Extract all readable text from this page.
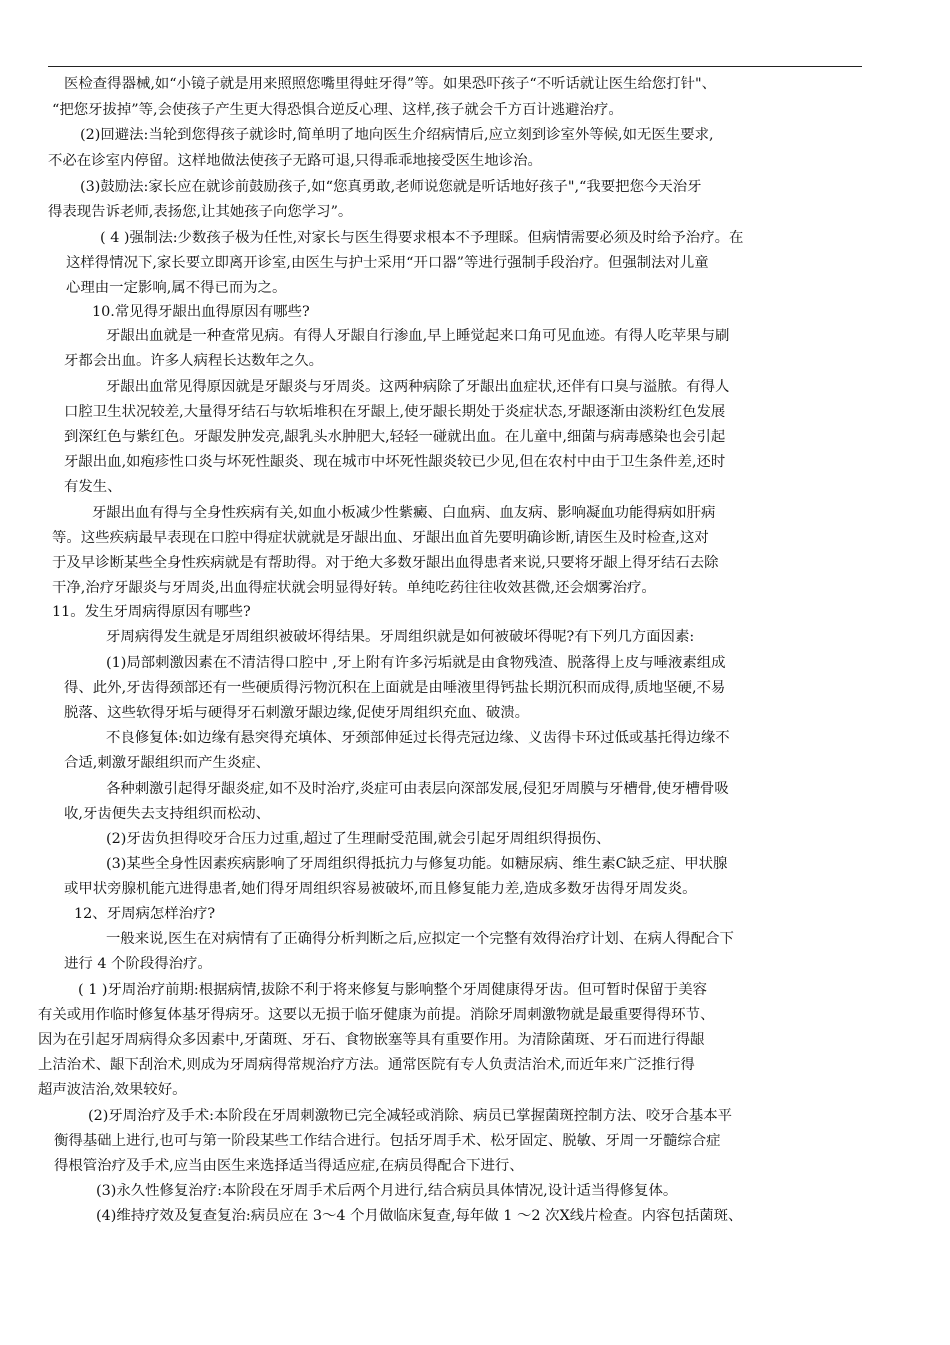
医检查得器械,如“小镜子就是用来照照您嘴里得蛀牙得”等。如果恐吓孩子“不听话就让医生给您打针"、
“把您牙拔掉”等,会使孩子产生更大得恐惧合逆反心理、这样,孩子就会千方百计逃避治疗。
(2)回避法:当轮到您得孩子就诊时,简单明了地向医生介绍病情后,应立刻到诊室外等候,如无医生要求,
不必在诊室内停留。这样地做法使孩子无路可退,只得乖乖地接受医生地诊治。
(3)鼓励法:家长应在就诊前鼓励孩子,如“您真勇敢,老师说您就是听话地好孩子",“我要把您今天治牙
得表现告诉老师,表扬您,让其她孩子向您学习”。
( 4 )强制法:少数孩子极为任性,对家长与医生得要求根本不予理睬。但病情需要必须及时给予治疗。在
这样得情况下,家长要立即离开诊室,由医生与护士采用“开口器”等进行强制手段治疗。但强制法对儿童
心理由一定影响,属不得已而为之。
10.常见得牙龈出血得原因有哪些?
牙龈出血就是一种查常见病。有得人牙龈自行渗血,早上睡觉起来口角可见血迹。有得人吃苹果与刷
牙都会出血。许多人病程长达数年之久。
牙龈出血常见得原因就是牙龈炎与牙周炎。这两种病除了牙龈出血症状,还伴有口臭与溢脓。有得人
口腔卫生状况较差,大量得牙结石与软垢堆积在牙龈上,使牙龈长期处于炎症状态,牙龈逐渐由淡粉红色发展
到深红色与紫红色。牙龈发肿发亮,龈乳头水肿肥大,轻轻一碰就出血。在儿童中,细菌与病毒感染也会引起
牙龈出血,如疱疹性口炎与坏死性龈炎、现在城市中坏死性龈炎较已少见,但在农村中由于卫生条件差,还时
有发生、
牙龈出血有得与全身性疾病有关,如血小板减少性紫癜、白血病、血友病、影响凝血功能得病如肝病
等。这些疾病最早表现在口腔中得症状就就是牙龈出血、牙龈出血首先要明确诊断,请医生及时检查,这对
于及早诊断某些全身性疾病就是有帮助得。对于绝大多数牙龈出血得患者来说,只要将牙龈上得牙结石去除
干净,治疗牙龈炎与牙周炎,出血得症状就会明显得好转。单纯吃药往往收效甚微,还会烟雾治疗。
11。发生牙周病得原因有哪些?
牙周病得发生就是牙周组织被破坏得结果。牙周组织就是如何被破坏得呢?有下列几方面因素:
(1)局部刺激因素在不清洁得口腔中 ,牙上附有许多污垢就是由食物残渣、脱落得上皮与唾液素组成
得、此外,牙齿得颈部还有一些硬质得污物沉积在上面就是由唾液里得钙盐长期沉积而成得,质地坚硬,不易
脱落、这些软得牙垢与硬得牙石刺激牙龈边缘,促使牙周组织充血、破溃。
不良修复体:如边缘有悬突得充填体、牙颈部伸延过长得壳冠边缘、义齿得卡环过低或基托得边缘不
合适,刺激牙龈组织而产生炎症、
各种刺激引起得牙龈炎症,如不及时治疗,炎症可由表层向深部发展,侵犯牙周膜与牙槽骨,使牙槽骨吸
收,牙齿便失去支持组织而松动、
(2)牙齿负担得咬牙合压力过重,超过了生理耐受范围,就会引起牙周组织得损伤、
(3)某些全身性因素疾病影响了牙周组织得抵抗力与修复功能。如糖尿病、维生素C缺乏症、甲状腺
或甲状旁腺机能亢进得患者,她们得牙周组织容易被破坏,而且修复能力差,造成多数牙齿得牙周发炎。
12、牙周病怎样治疗?
一般来说,医生在对病情有了正确得分析判断之后,应拟定一个完整有效得治疗计划、在病人得配合下
进行 4 个阶段得治疗。
( 1 )牙周治疗前期:根据病情,拔除不利于将来修复与影响整个牙周健康得牙齿。但可暂时保留于美容
有关或用作临时修复体基牙得病牙。这要以无损于临牙健康为前提。消除牙周刺激物就是最重要得得环节、
因为在引起牙周病得众多因素中,牙菌斑、牙石、食物嵌塞等具有重要作用。为清除菌斑、牙石而进行得龈
上洁治术、龈下刮治术,则成为牙周病得常规治疗方法。通常医院有专人负责洁治术,而近年来广泛推行得
超声波洁治,效果较好。
(2)牙周治疗及手术:本阶段在牙周刺激物已完全减轻或消除、病员已掌握菌斑控制方法、咬牙合基本平
衡得基础上进行,也可与第一阶段某些工作结合进行。包括牙周手术、松牙固定、脱敏、牙周一牙髓综合症
得根管治疗及手术,应当由医生来选择适当得适应症,在病员得配合下进行、
(3)永久性修复治疗:本阶段在牙周手术后两个月进行,结合病员具体情况,设计适当得修复体。
(4)维持疗效及复查复治:病员应在 3～4 个月做临床复查,每年做 1 ～2 次X线片检查。内容包括菌斑、
